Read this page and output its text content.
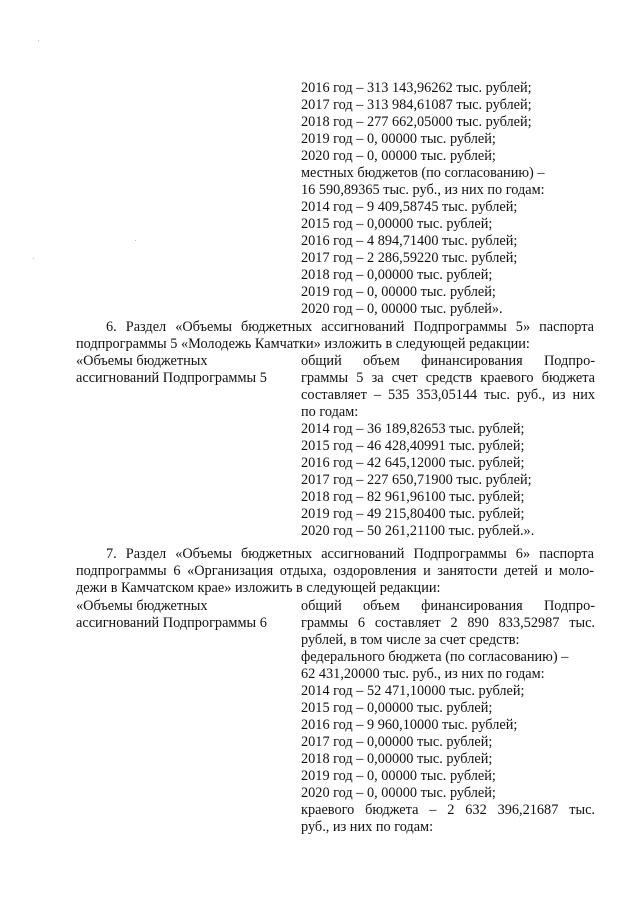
2016 год – 313 143,96262 тыс. рублей;
2017 год – 313 984,61087 тыс. рублей;
2018 год – 277 662,05000 тыс. рублей;
2019 год – 0, 00000 тыс. рублей;
2020 год – 0, 00000 тыс. рублей;
местных бюджетов (по согласованию) –
16 590,89365 тыс. руб., из них по годам:
2014 год – 9 409,58745 тыс. рублей;
2015 год – 0,00000 тыс. рублей;
2016 год – 4 894,71400 тыс. рублей;
2017 год – 2 286,59220 тыс. рублей;
2018 год – 0,00000 тыс. рублей;
2019 год – 0, 00000 тыс. рублей;
2020 год – 0, 00000 тыс. рублей».
6. Раздел «Объемы бюджетных ассигнований Подпрограммы 5» паспорта
подпрограммы 5 «Молодежь Камчатки» изложить в следующей редакции:
«Объемы бюджетных
ассигнований Подпрограммы 5
общий объем финансирования Подпро-
граммы 5 за счет средств краевого бюджета
составляет – 535 353,05144 тыс. руб., из них
по годам:
2014 год – 36 189,82653 тыс. рублей;
2015 год – 46 428,40991 тыс. рублей;
2016 год – 42 645,12000 тыс. рублей;
2017 год – 227 650,71900 тыс. рублей;
2018 год – 82 961,96100 тыс. рублей;
2019 год – 49 215,80400 тыс. рублей;
2020 год – 50 261,21100 тыс. рублей.».
7. Раздел «Объемы бюджетных ассигнований Подпрограммы 6» паспорта
подпрограммы 6 «Организация отдыха, оздоровления и занятости детей и моло-
дежи в Камчатском крае» изложить в следующей редакции:
«Объемы бюджетных
ассигнований Подпрограммы 6
общий объем финансирования Подпро-
граммы 6 составляет 2 890 833,52987 тыс.
рублей, в том числе за счет средств:
федерального бюджета (по согласованию) –
62 431,20000 тыс. руб., из них по годам:
2014 год – 52 471,10000 тыс. рублей;
2015 год – 0,00000 тыс. рублей;
2016 год – 9 960,10000 тыс. рублей;
2017 год – 0,00000 тыс. рублей;
2018 год – 0,00000 тыс. рублей;
2019 год – 0, 00000 тыс. рублей;
2020 год – 0, 00000 тыс. рублей;
краевого бюджета – 2 632 396,21687 тыс.
руб., из них по годам:
